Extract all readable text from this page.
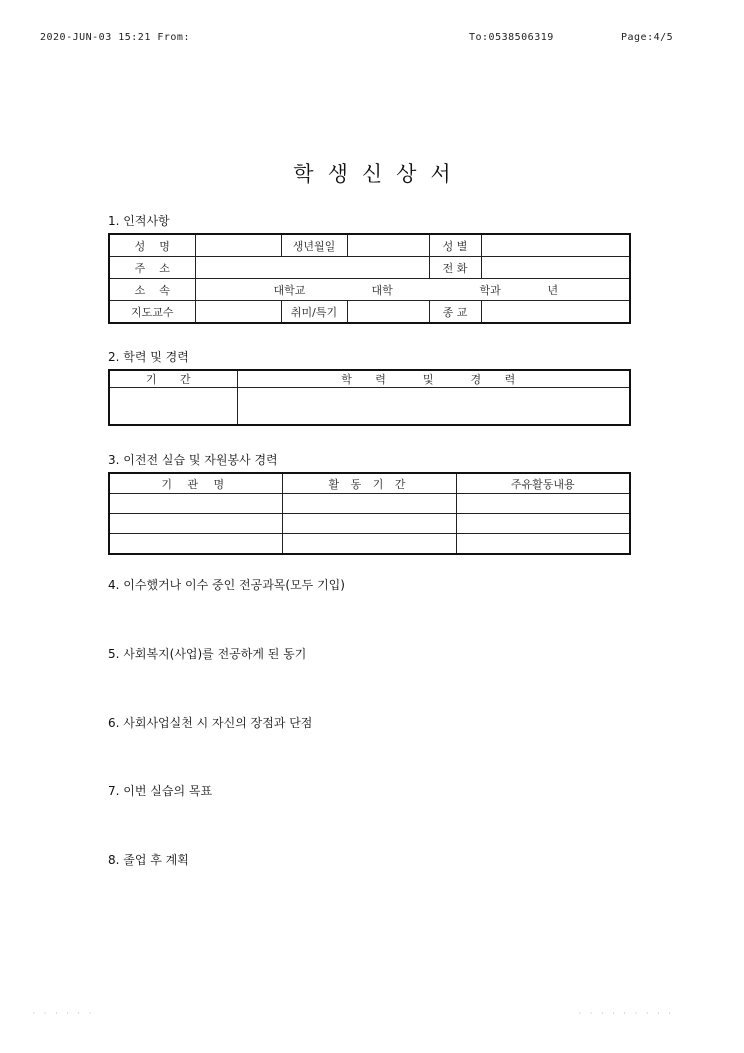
2020-JUN-03 15:21 From:	To:0538506319	Page:4/5
학생신상서
1. 인적사항
성    명		생년월일		성 별	
주    소				전 화	
소    속	대학교 대학 학과 년				

지도교수		취미/특기		종 교	
2. 학력 및 경력
기 간	학 력  및  경 력

3. 이전전 실습 및 자원봉사 경력
기 관 명	활 동 기 간	주유활동내용

4. 이수했거나 이수 중인 전공과목(모두 기입)
5. 사회복지(사업)를 전공하게 된 동기
6. 사회사업실천 시 자신의 장점과 단점
7. 이번 실습의 목표
8. 졸업 후 계획
· · · · · ·	· · · · · · · · ·
